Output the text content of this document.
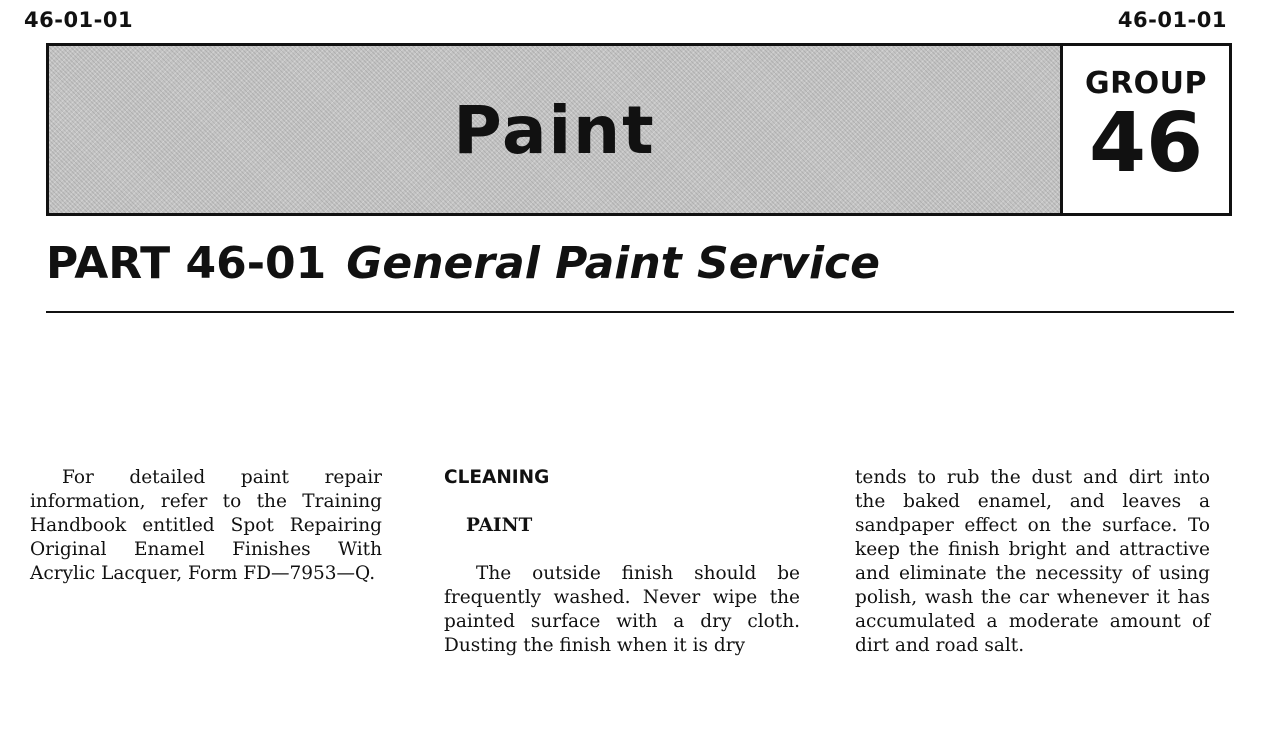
46-01-01	46-01-01
Paint
GROUP
46
PART 46-01 General Paint Service

For detailed paint repair information, refer to the Training Handbook entitled Spot Repairing Original Enamel Finishes With Acrylic Lacquer, Form FD—7953—Q.

CLEANING
PAINT

The outside finish should be frequently washed. Never wipe the painted surface with a dry cloth. Dusting the finish when it is dry

tends to rub the dust and dirt into the baked enamel, and leaves a sandpaper effect on the surface. To keep the finish bright and attractive and eliminate the necessity of using polish, wash the car whenever it has accumulated a moderate amount of dirt and road salt.
